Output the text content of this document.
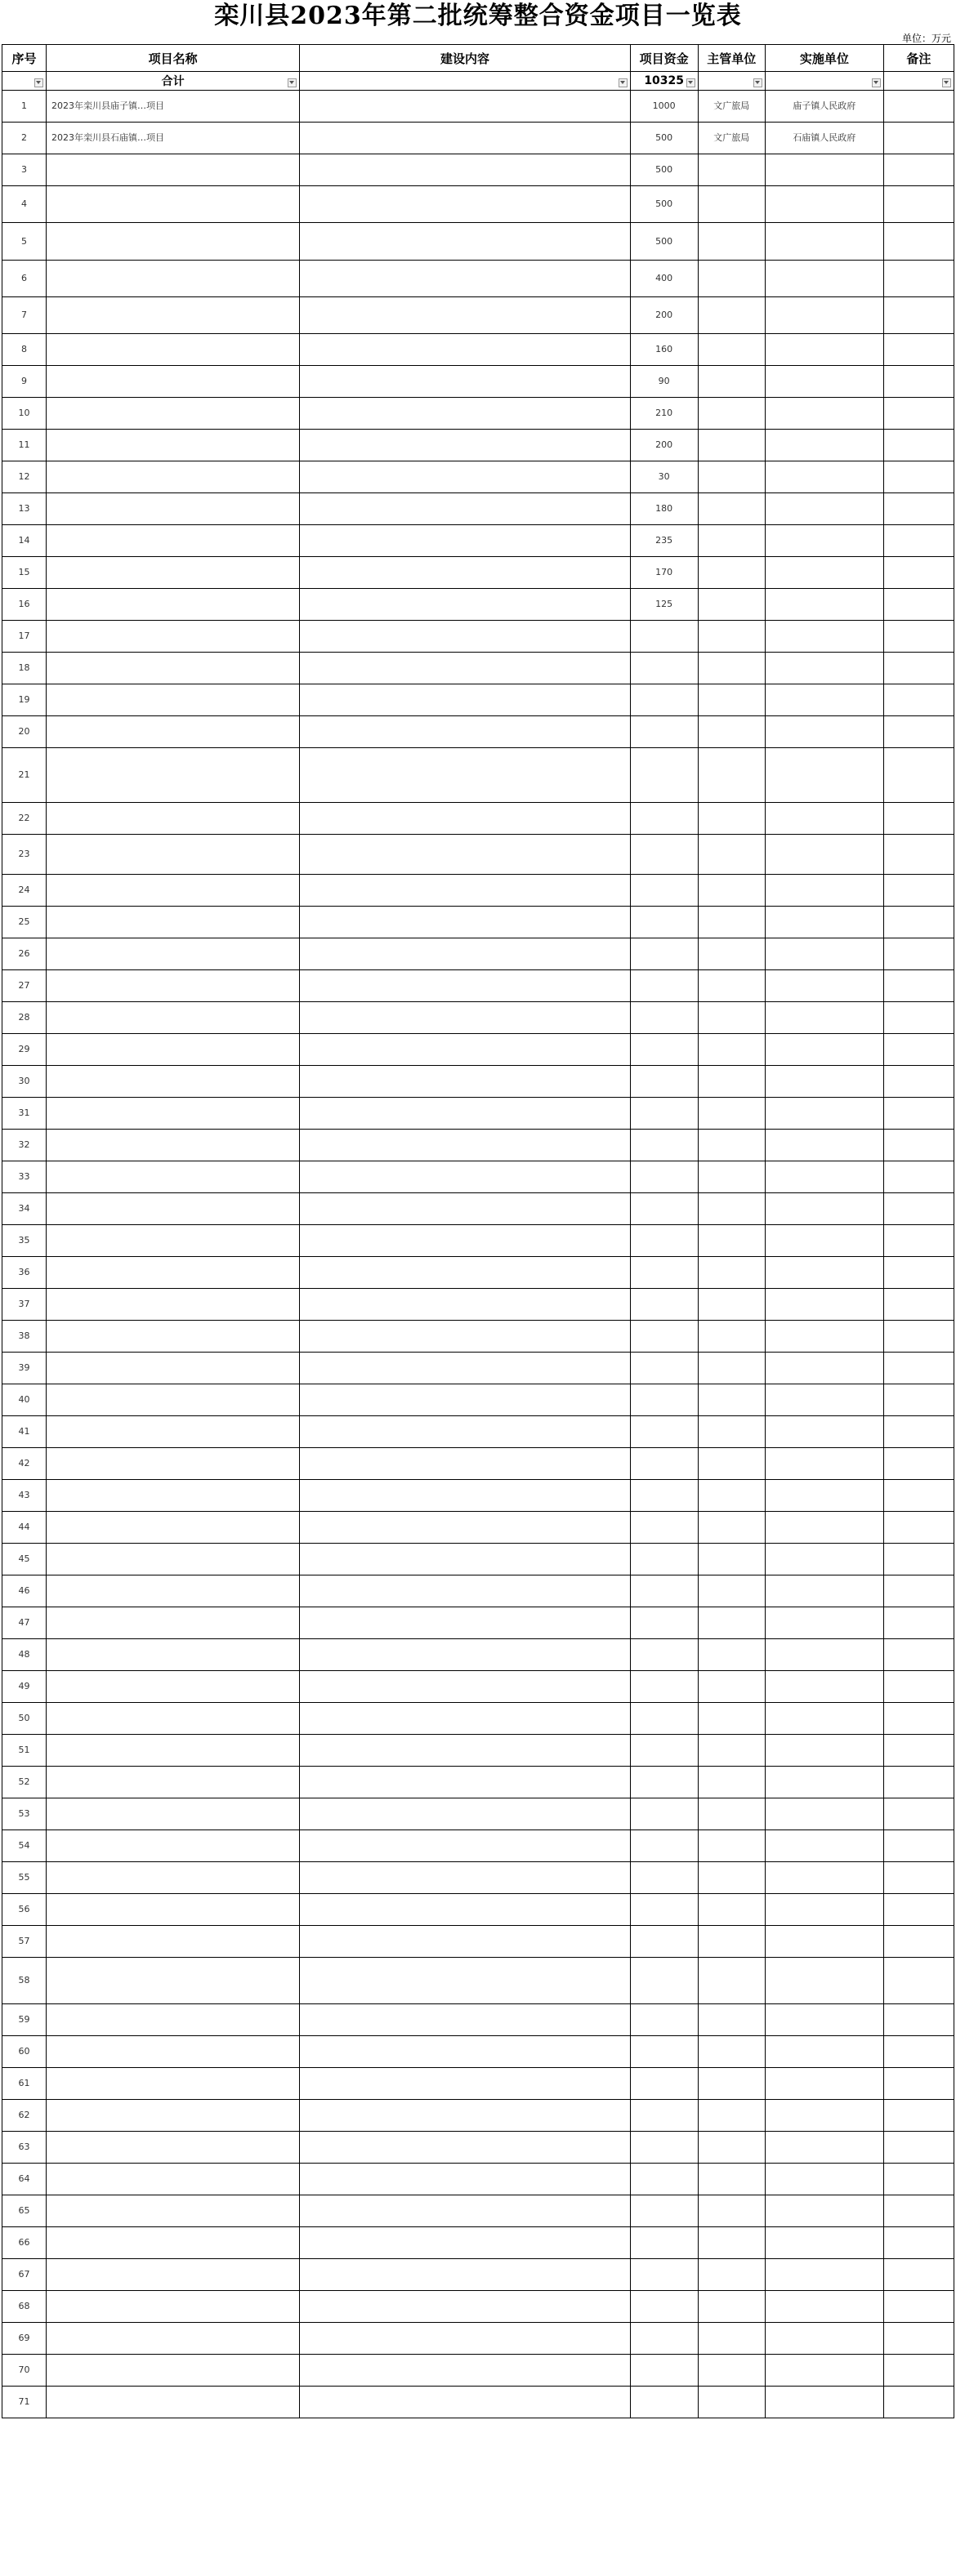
栾川县2023年第二批统筹整合资金项目一览表
单位：万元
序号	项目名称	建设内容	项目资金	主管单位	实施单位	备注

	合计		10325

1	2023年栾川县庙子镇…项目		1000	文广旅局	庙子镇人民政府	
2	2023年栾川县石庙镇…项目		500	文广旅局	石庙镇人民政府	
3			500			
4			500			
5			500			
6			400			
7			200			
8			160			
9			90			
10			210			
11			200			
12			30			
13			180			
14			235			
15			170			
16			125			
17						
18						
19						
20						
21						
22						
23						
24						
25						
26						
27						
28						
29						
30						
31						
32						
33						
34						
35						
36						
37						
38						
39						
40						
41						
42						
43						
44						
45						
46						
47						
48						
49						
50						
51						
52						
53						
54						
55						
56						
57						
58						
59						
60						
61						
62						
63						
64						
65						
66						
67						
68						
69						
70						
71						
